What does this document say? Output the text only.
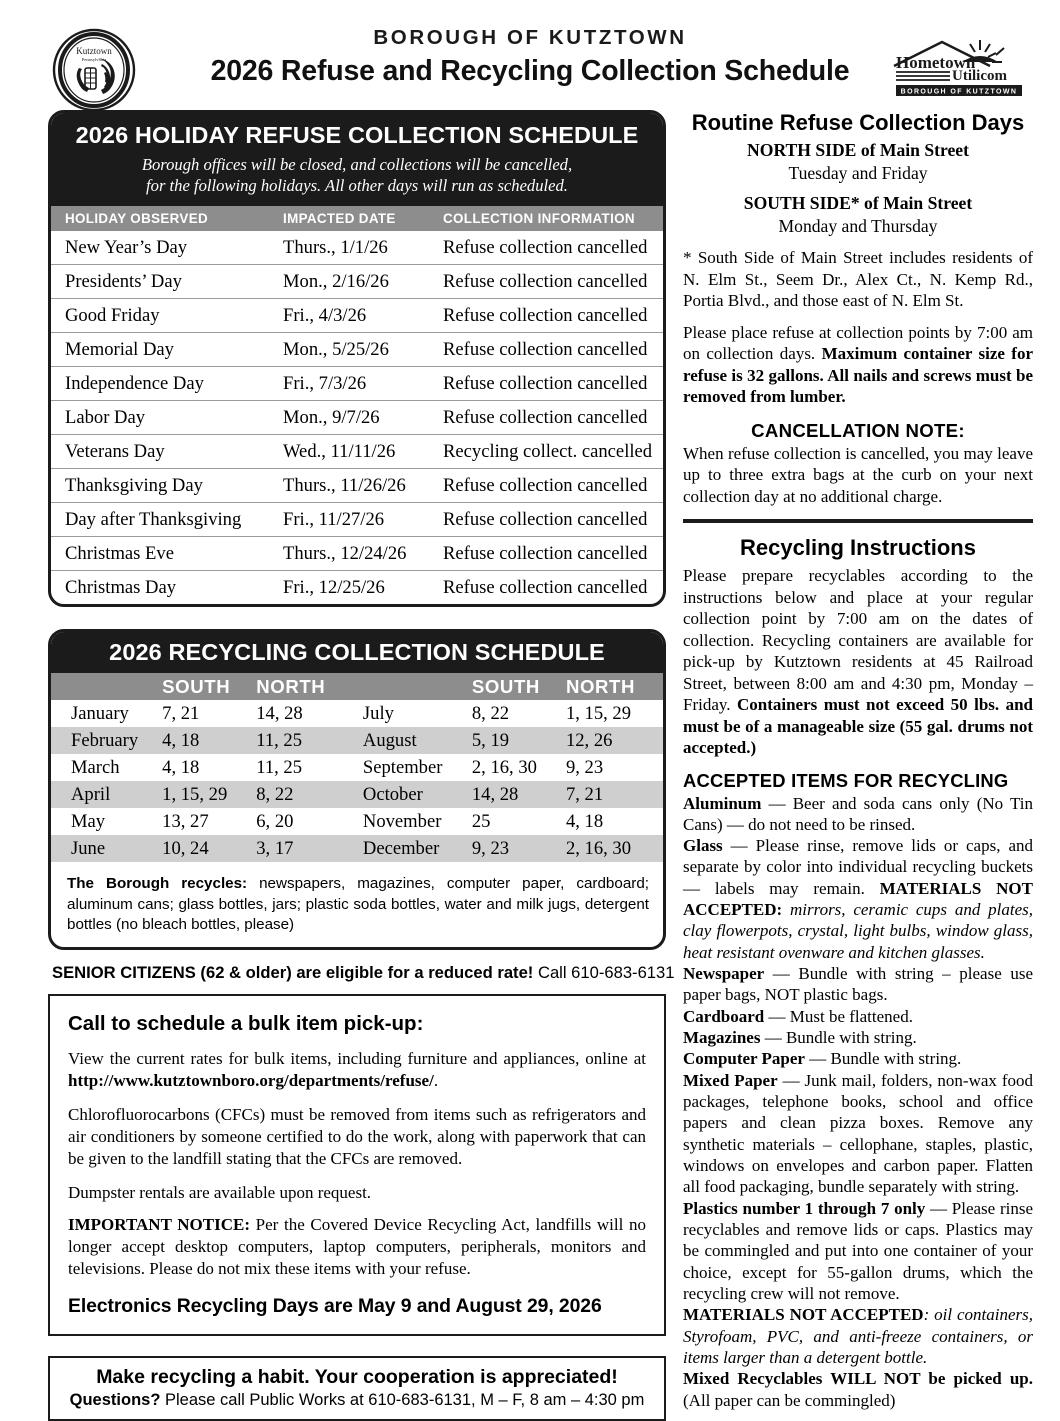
Kutztown
Pennsylvania
BOROUGH OF KUTZTOWN
2026 Refuse and Recycling Collection Schedule	Hometown
Utilicom
BOROUGH OF KUTZTOWN
2026 HOLIDAY REFUSE COLLECTION SCHEDULE
Borough offices will be closed, and collections will be cancelled,
for the following holidays. All other days will run as scheduled.
HOLIDAY OBSERVED	IMPACTED DATE	COLLECTION INFORMATION
New Year’s Day	Thurs., 1/1/26	Refuse collection cancelled
Presidents’ Day	Mon., 2/16/26	Refuse collection cancelled
Good Friday	Fri., 4/3/26	Refuse collection cancelled
Memorial Day	Mon., 5/25/26	Refuse collection cancelled
Independence Day	Fri., 7/3/26	Refuse collection cancelled
Labor Day	Mon., 9/7/26	Refuse collection cancelled
Veterans Day	Wed., 11/11/26	Recycling collect. cancelled
Thanksgiving Day	Thurs., 11/26/26	Refuse collection cancelled
Day after Thanksgiving	Fri., 11/27/26	Refuse collection cancelled
Christmas Eve	Thurs., 12/24/26	Refuse collection cancelled
Christmas Day	Fri., 12/25/26	Refuse collection cancelled
2026 RECYCLING COLLECTION SCHEDULE
	SOUTH	NORTH		SOUTH	NORTH
January	7, 21	14, 28	July	8, 22	1, 15, 29
February	4, 18	11, 25	August	5, 19	12, 26
March	4, 18	11, 25	September	2, 16, 30	9, 23
April	1, 15, 29	8, 22	October	14, 28	7, 21
May	13, 27	6, 20	November	25	4, 18
June	10, 24	3, 17	December	9, 23	2, 16, 30
The Borough recycles: newspapers, magazines, computer paper, cardboard; aluminum cans; glass bottles, jars; plastic soda bottles, water and milk jugs, detergent bottles (no bleach bottles, please)
SENIOR CITIZENS (62 & older) are eligible for a reduced rate! Call 610-683-6131
Call to schedule a bulk item pick-up:

View the current rates for bulk items, including furniture and appliances, online at http://www.kutztownboro.org/departments/refuse/.

Chlorofluorocarbons (CFCs) must be removed from items such as refrigerators and air conditioners by someone certified to do the work, along with paperwork that can be given to the landfill stating that the CFCs are removed.

Dumpster rentals are available upon request.

IMPORTANT NOTICE: Per the Covered Device Recycling Act, landfills will no longer accept desktop computers, laptop computers, peripherals, monitors and televisions. Please do not mix these items with your refuse.

Electronics Recycling Days are May 9 and August 29, 2026
Make recycling a habit. Your cooperation is appreciated!
Questions? Please call Public Works at 610-683-6131, M – F, 8 am – 4:30 pm
Routine Refuse Collection Days
NORTH SIDE of Main Street
Tuesday and Friday
SOUTH SIDE* of Main Street
Monday and Thursday

* South Side of Main Street includes residents of N. Elm St., Seem Dr., Alex Ct., N. Kemp Rd., Portia Blvd., and those east of N. Elm St.

Please place refuse at collection points by 7:00 am on collection days. Maximum container size for refuse is 32 gallons. All nails and screws must be removed from lumber.

CANCELLATION NOTE:

When refuse collection is cancelled, you may leave up to three extra bags at the curb on your next collection day at no additional charge.

Recycling Instructions

Please prepare recyclables according to the instructions below and place at your regular collection point by 7:00 am on the dates of collection. Recycling containers are available for pick-up by Kutztown residents at 45 Railroad Street, between 8:00 am and 4:30 pm, Monday – Friday. Containers must not exceed 50 lbs. and must be of a manageable size (55 gal. drums not accepted.)

ACCEPTED ITEMS FOR RECYCLING

Aluminum — Beer and soda cans only (No Tin Cans) — do not need to be rinsed.

Glass — Please rinse, remove lids or caps, and separate by color into individual recycling buckets — labels may remain. MATERIALS NOT ACCEPTED: mirrors, ceramic cups and plates, clay flowerpots, crystal, light bulbs, window glass, heat resistant ovenware and kitchen glasses.

Newspaper — Bundle with string – please use paper bags, NOT plastic bags.

Cardboard — Must be flattened.

Magazines — Bundle with string.

Computer Paper — Bundle with string.

Mixed Paper — Junk mail, folders, non-wax food packages, telephone books, school and office papers and clean pizza boxes. Remove any synthetic materials – cellophane, staples, plastic, windows on envelopes and carbon paper. Flatten all food packaging, bundle separately with string.

Plastics number 1 through 7 only — Please rinse recyclables and remove lids or caps. Plastics may be commingled and put into one container of your choice, except for 55-gallon drums, which the recycling crew will not remove.

MATERIALS NOT ACCEPTED: oil containers, Styrofoam, PVC, and anti-freeze containers, or items larger than a detergent bottle.

Mixed Recyclables WILL NOT be picked up. (All paper can be commingled)
